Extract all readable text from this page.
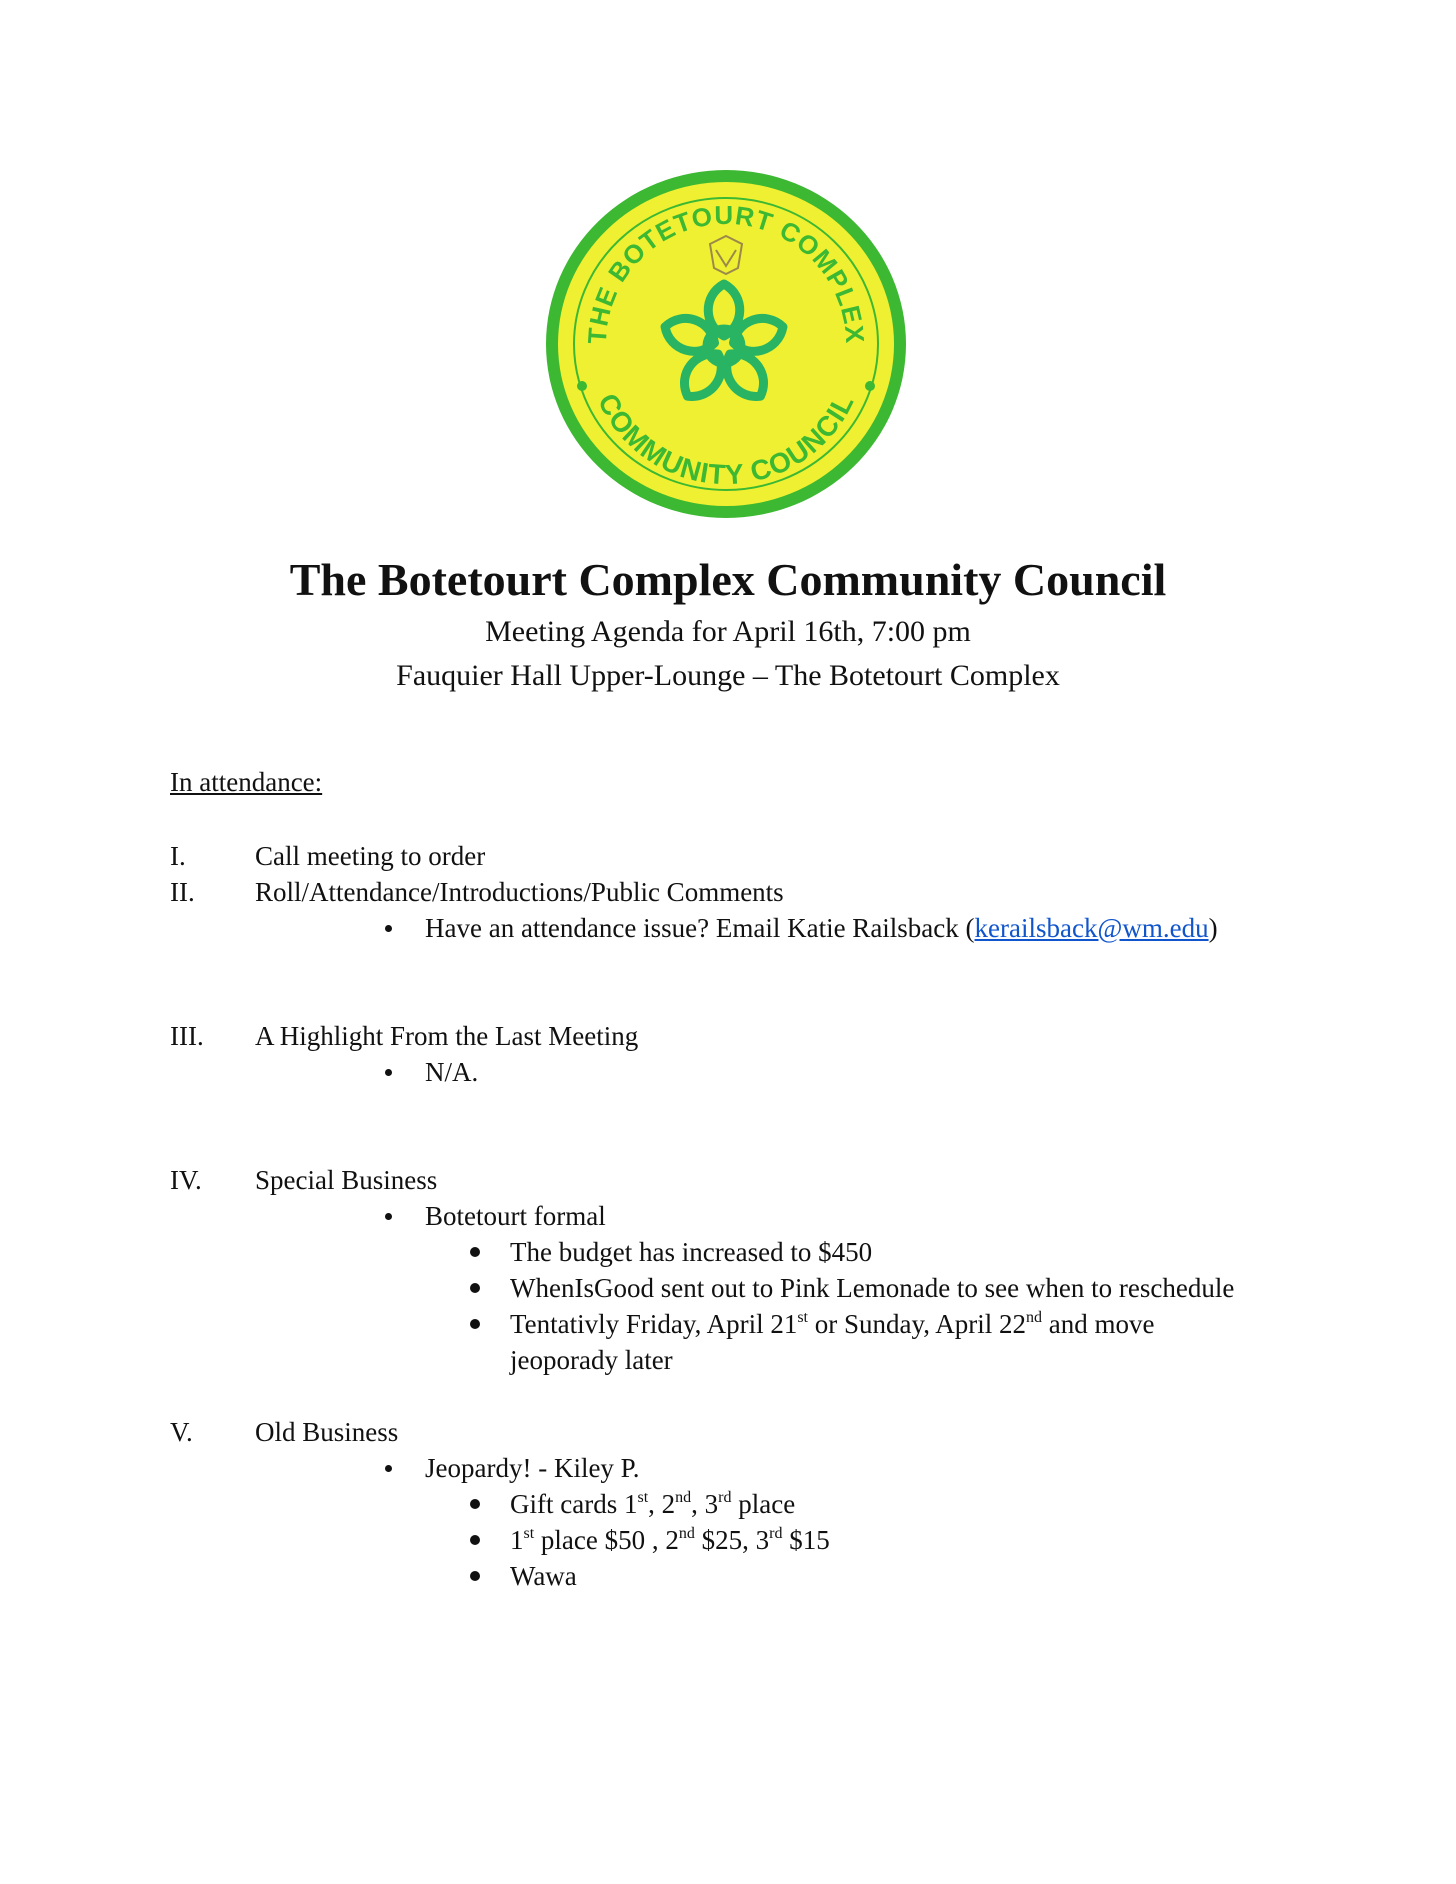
THE BOTETOURT COMPLEX
COMMUNITY COUNCIL
The Botetourt Complex Community Council
Meeting Agenda for April 16th, 7:00 pm
Fauquier Hall Upper-Lounge – The Botetourt Complex
In attendance:
I.	Call meeting to order
II. Roll/Attendance/Introductions/Public Comments
Have an attendance issue? Email Katie Railsback (kerailsback@wm.edu)
III. A Highlight From the Last Meeting
N/A.
IV. Special Business
Botetourt formal
The budget has increased to $450
WhenIsGood sent out to Pink Lemonade to see when to reschedule
Tentativly Friday, April 21st or Sunday, April 22nd and move
jeoporady later
V. Old Business
Jeopardy! - Kiley P.
Gift cards 1st, 2nd, 3rd place
1st place $50 , 2nd $25, 3rd $15
Wawa
